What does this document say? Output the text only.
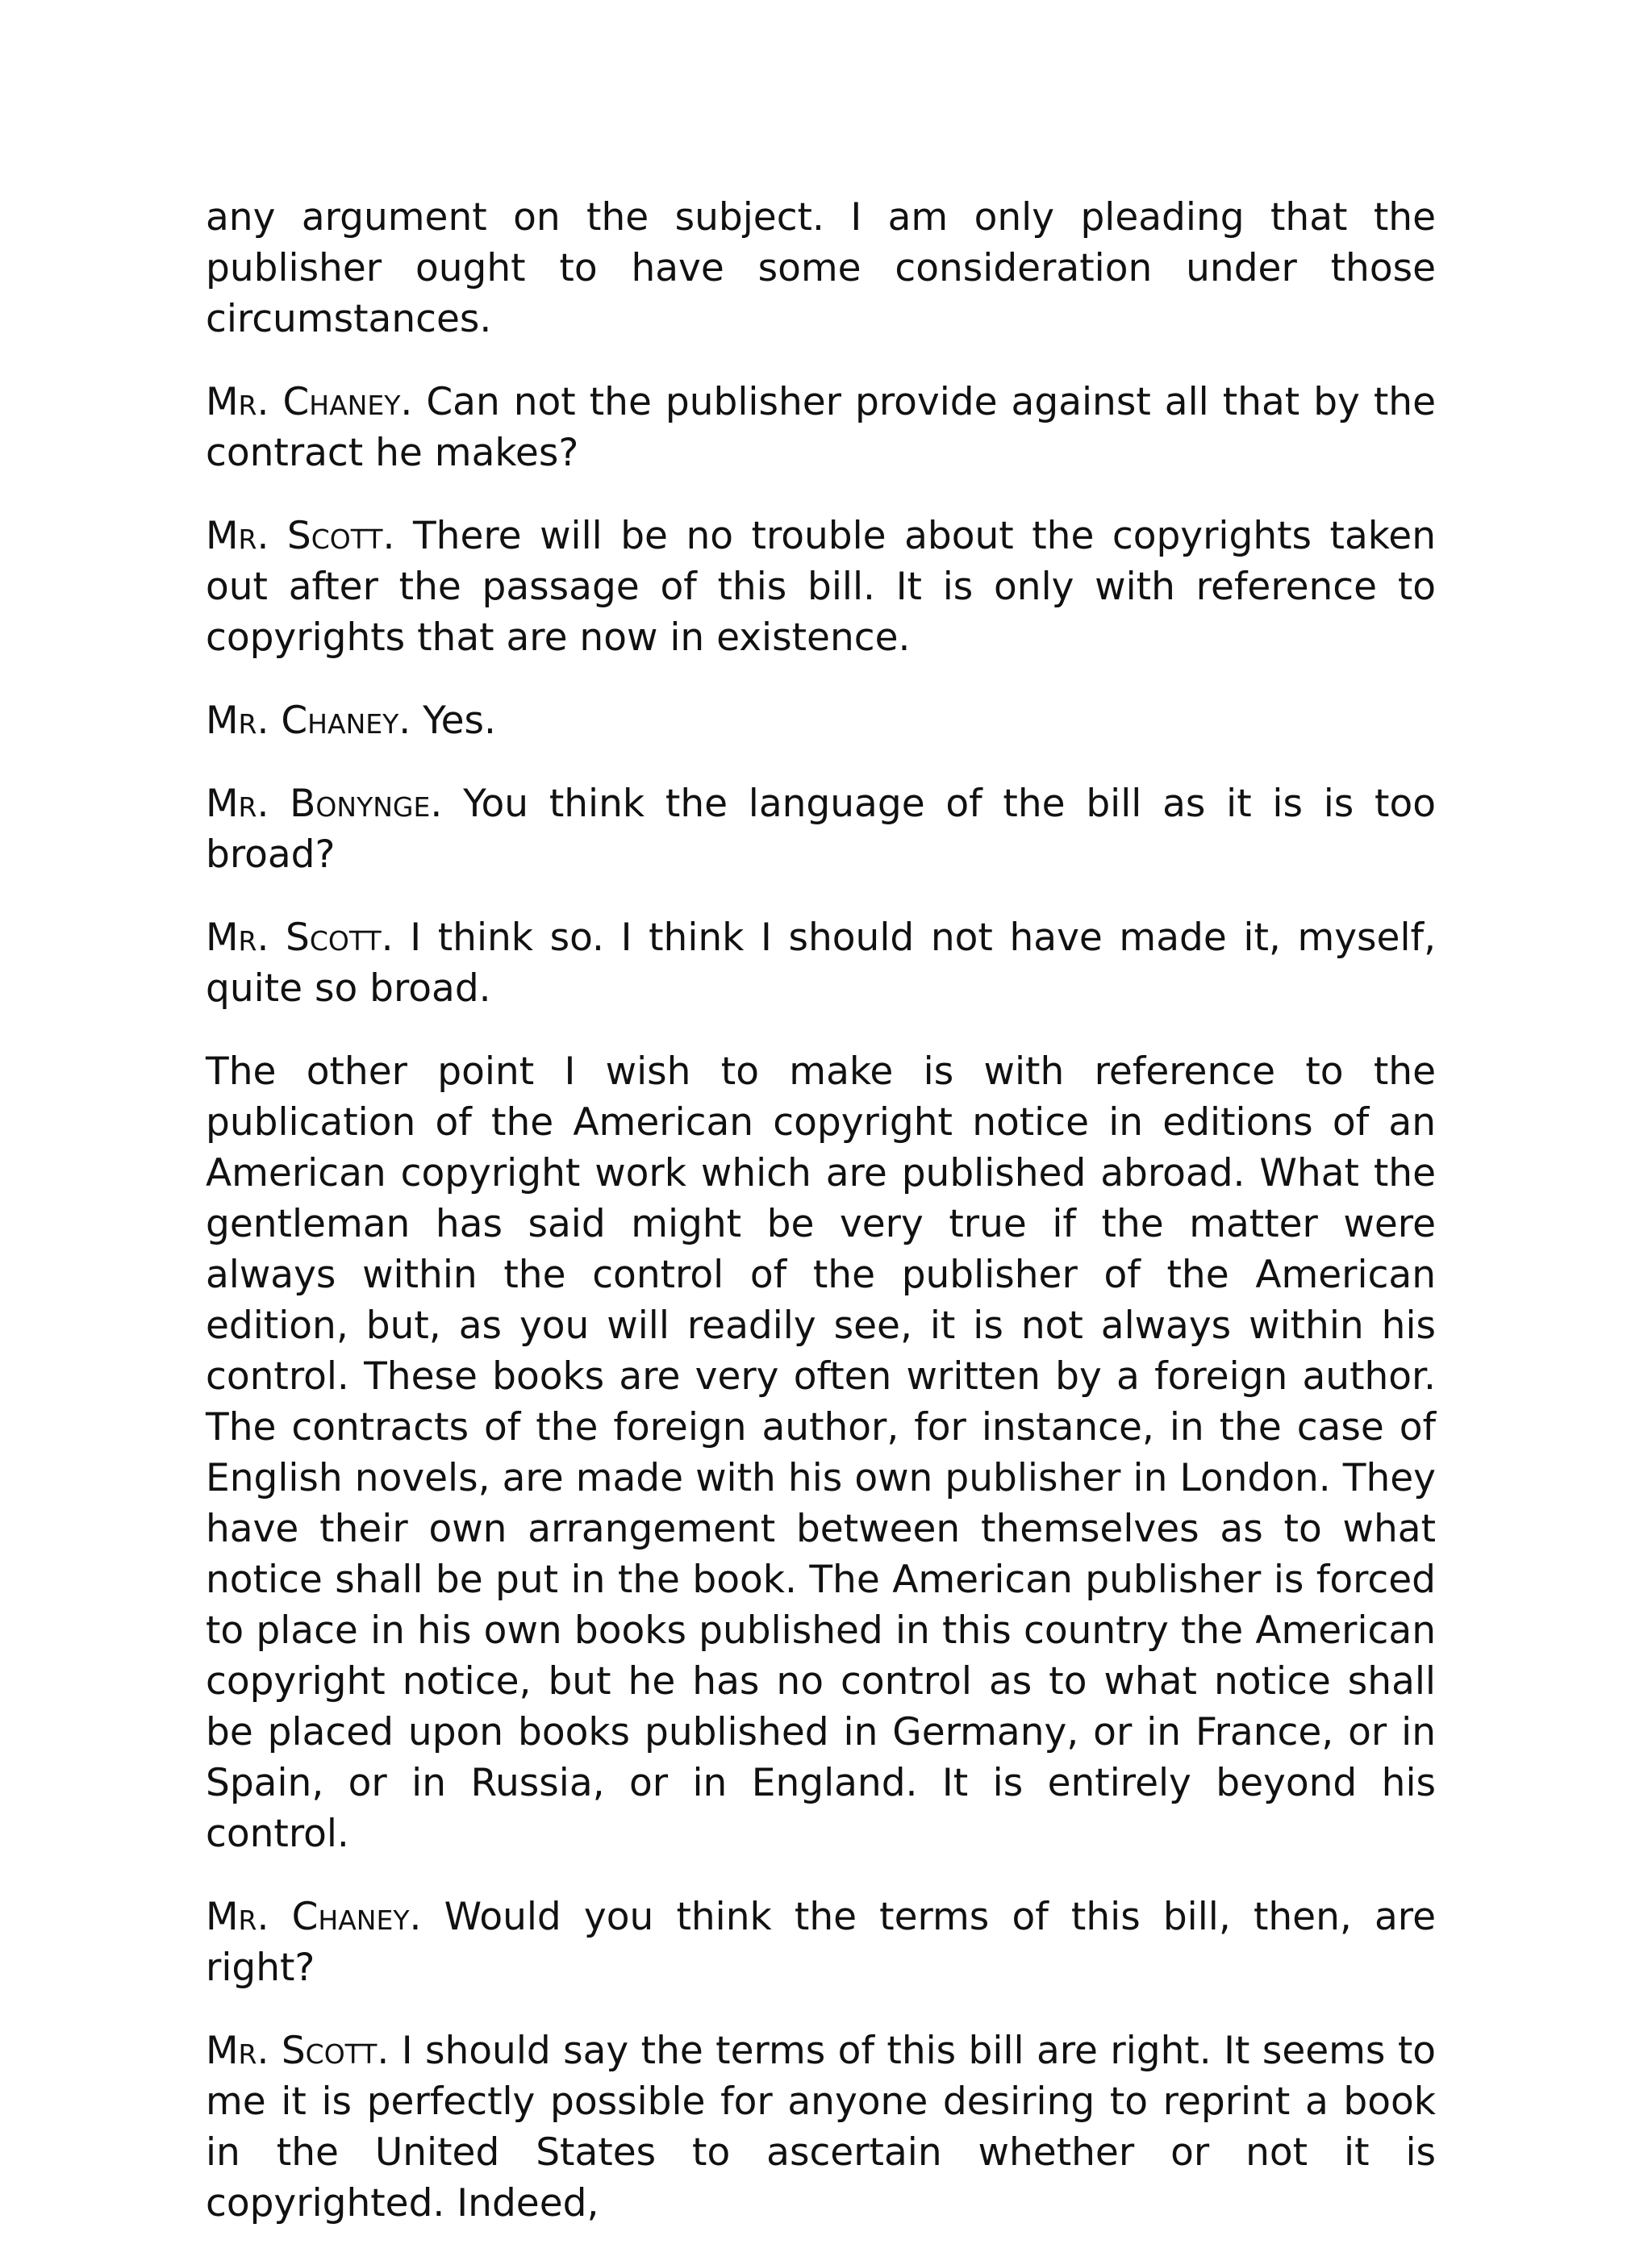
any argument on the subject. I am only pleading that the publisher ought to have some consideration under those circumstances.

Mr. Chaney. Can not the publisher provide against all that by the contract he makes?

Mr. Scott. There will be no trouble about the copyrights taken out after the passage of this bill. It is only with reference to copyrights that are now in existence.

Mr. Chaney. Yes.

Mr. Bonynge. You think the language of the bill as it is is too broad?

Mr. Scott. I think so. I think I should not have made it, myself, quite so broad.

The other point I wish to make is with reference to the publication of the American copyright notice in editions of an American copyright work which are published abroad. What the gentleman has said might be very true if the matter were always within the control of the publisher of the American edition, but, as you will readily see, it is not always within his control. These books are very often written by a foreign author. The contracts of the foreign author, for instance, in the case of English novels, are made with his own publisher in London. They have their own arrangement between themselves as to what notice shall be put in the book. The American publisher is forced to place in his own books published in this country the American copyright notice, but he has no control as to what notice shall be placed upon books published in Germany, or in France, or in Spain, or in Russia, or in England. It is entirely beyond his control.

Mr. Chaney. Would you think the terms of this bill, then, are right?

Mr. Scott. I should say the terms of this bill are right. It seems to me it is perfectly possible for anyone desiring to reprint a book in the United States to ascertain whether or not it is copyrighted. Indeed,
